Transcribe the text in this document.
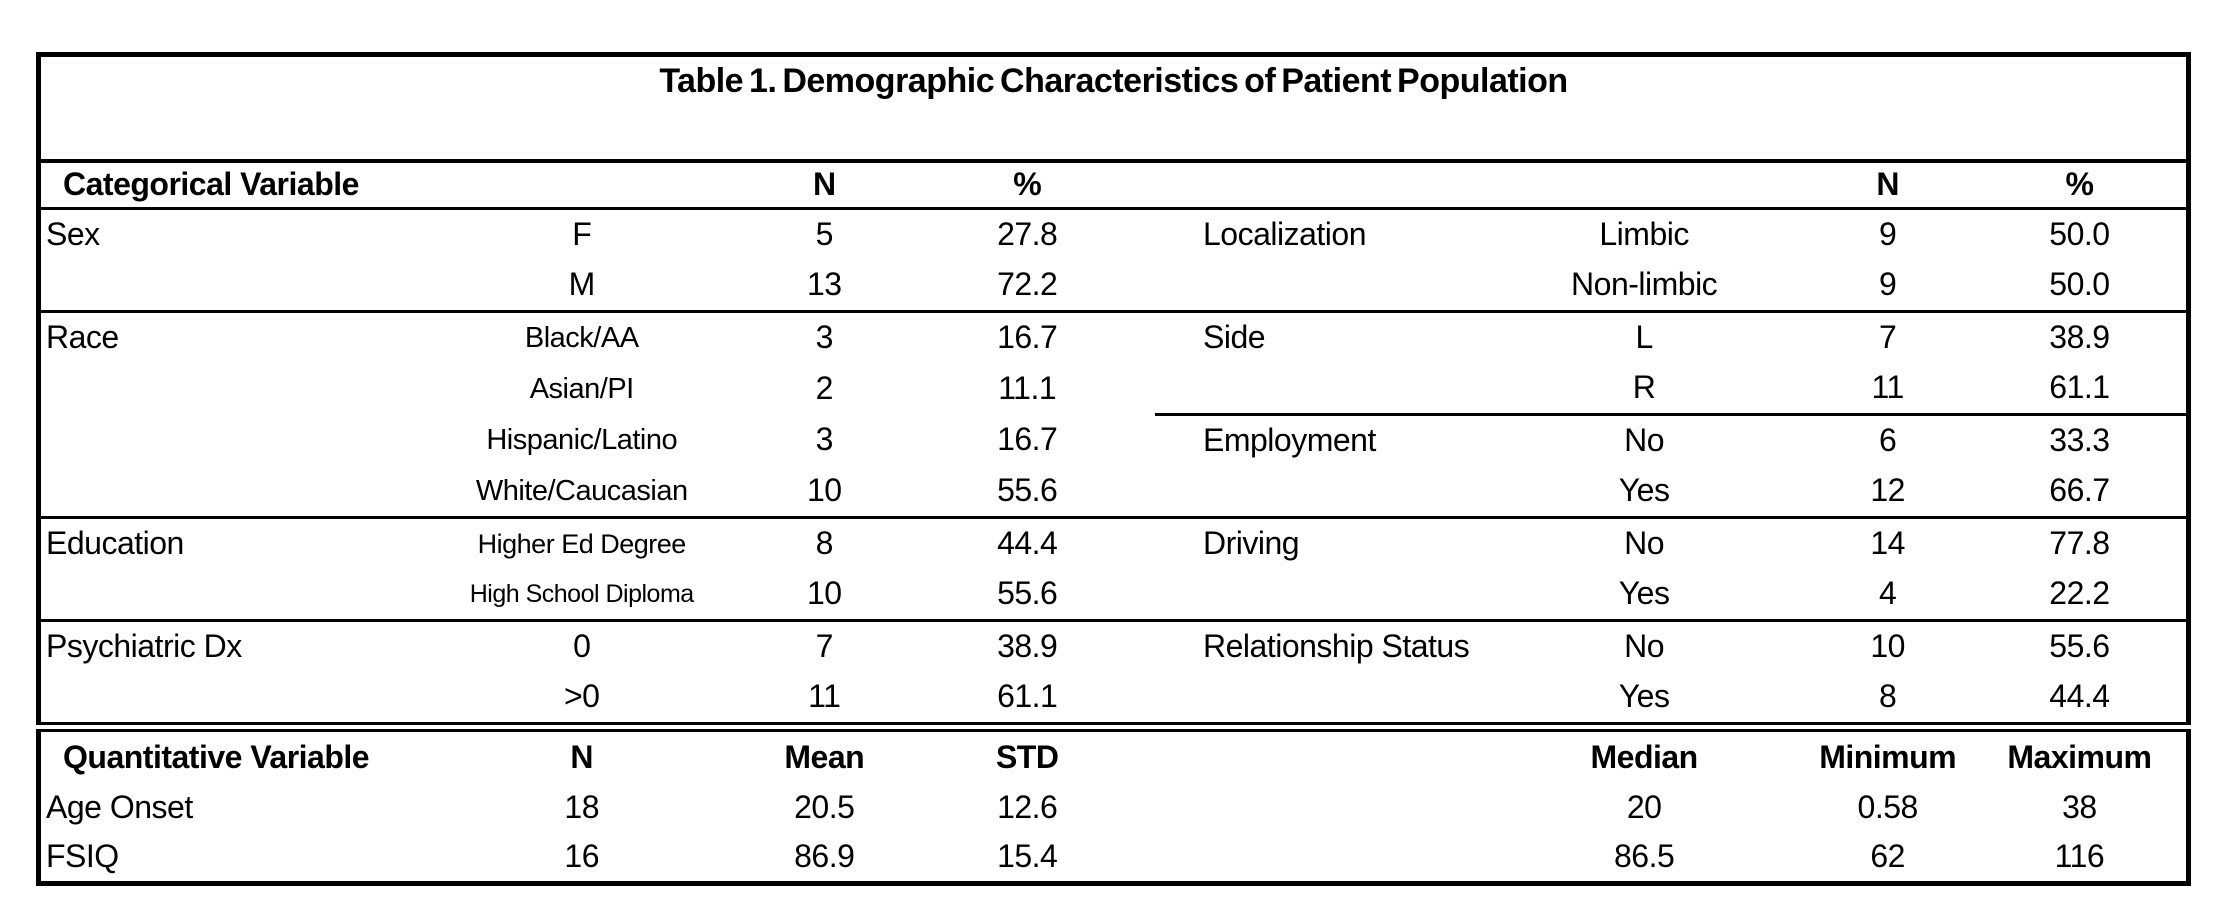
Table 1. Demographic Characteristics of Patient Population							
Categorical Variable		N	%			N	%
Sex	F	5	27.8	Localization	Limbic	9	50.0
	M	13	72.2		Non-limbic	9	50.0
Race	Black/AA	3	16.7	Side	L	7	38.9
	Asian/PI	2	11.1		R	11	61.1
	Hispanic/Latino	3	16.7	Employment	No	6	33.3
	White/Caucasian	10	55.6		Yes	12	66.7
Education	Higher Ed Degree	8	44.4	Driving	No	14	77.8
	High School Diploma	10	55.6		Yes	4	22.2
Psychiatric Dx	0	7	38.9	Relationship Status	No	10	55.6
	>0	11	61.1		Yes	8	44.4
Quantitative Variable	N	Mean	STD		Median	Minimum	Maximum
Age Onset	18	20.5	12.6		20	0.58	38
FSIQ	16	86.9	15.4		86.5	62	116
